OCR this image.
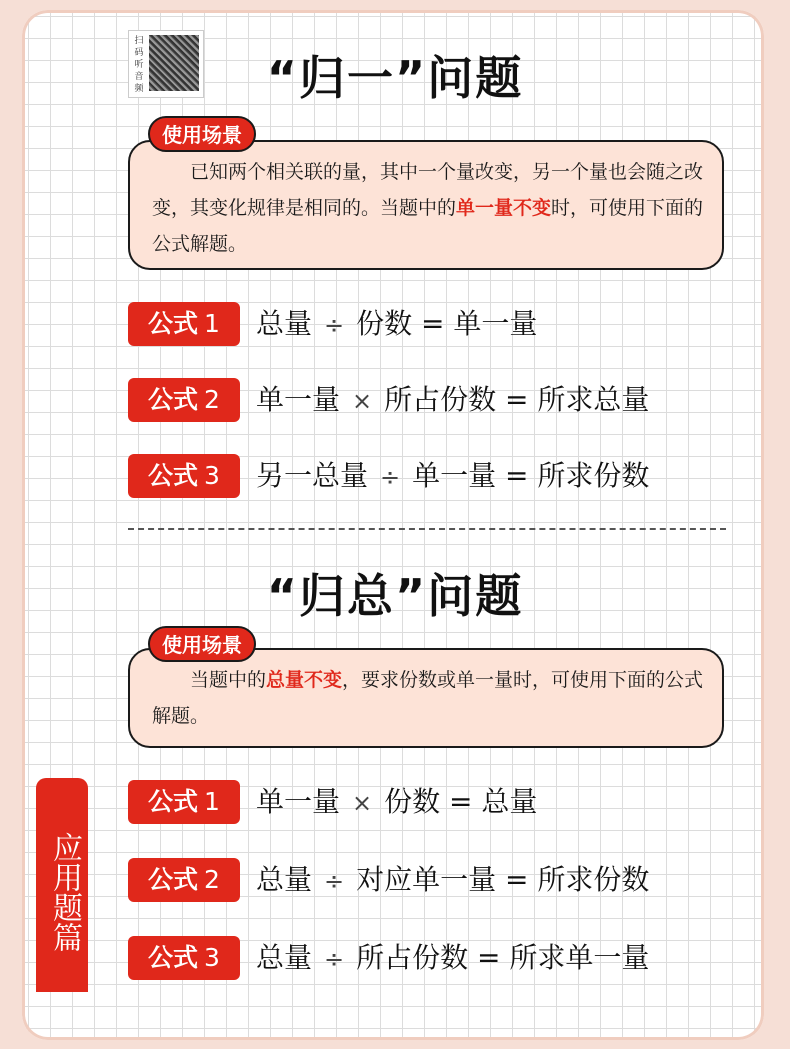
扫码听音频	“归一”问题
已知两个相关联的量，其中一个量改变，另一个量也会随之改变，其变化规律是相同的。当题中的单一量不变时，可使用下面的公式解题。
使用场景
公式 1	总量 ÷ 份数 = 单一量
公式 2	单一量 × 所占份数 = 所求总量
公式 3	另一总量 ÷ 单一量 = 所求份数
“归总”问题
当题中的总量不变，要求份数或单一量时，可使用下面的公式解题。
使用场景
公式 1	单一量 × 份数 = 总量
公式 2	总量 ÷ 对应单一量 = 所求份数
公式 3	总量 ÷ 所占份数 = 所求单一量
应用题篇
